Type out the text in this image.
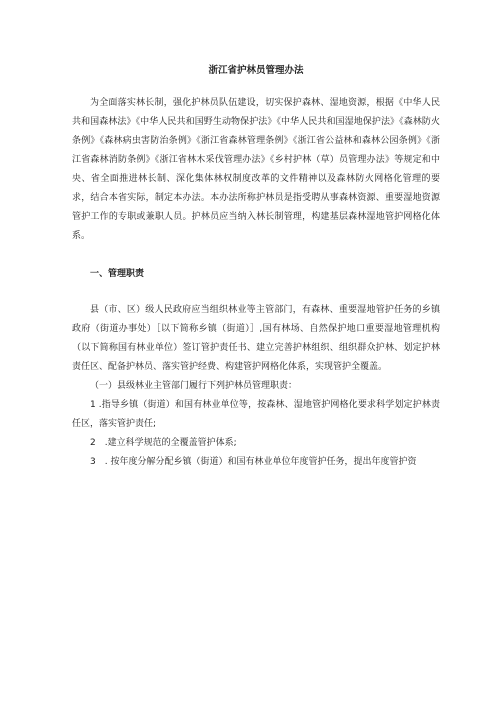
浙江省护林员管理办法

为全面落实林长制，强化护林员队伍建设，切实保护森林、湿地资源，根据《中华人民共和国森林法》《中华人民共和国野生动物保护法》《中华人民共和国湿地保护法》《森林防火条例》《森林病虫害防治条例》《浙江省森林管理条例》《浙江省公益林和森林公园条例》《浙江省森林消防条例》《浙江省林木采伐管理办法》《乡村护林（草）员管理办法》等规定和中央、省全面推进林长制、深化集体林权制度改革的文件精神以及森林防火网格化管理的要求，结合本省实际，制定本办法。本办法所称护林员是指受聘从事森林资源、重要湿地资源管护工作的专职或兼职人员。护林员应当纳入林长制管理，构建基层森林湿地管护网格化体系。

一、管理职责

县（市、区）级人民政府应当组织林业等主管部门，有森林、重要湿地管护任务的乡镇政府（街道办事处）［以下简称乡镇（街道）］,国有林场、自然保护地口重要湿地管理机构（以下简称国有林业单位）签订管护责任书、建立完善护林组织、组织群众护林、划定护林责任区、配备护林员、落实管护经费、构建管护网格化体系，实现管护全覆盖。

（一）县级林业主管部门履行下列护林员管理职责：

1 .指导乡镇（街道）和国有林业单位等，按森林、湿地管护网格化要求科学划定护林责任区，落实管护责任;

2　.建立科学规范的全覆盖管护体系;

3　. 按年度分解分配乡镇（街道）和国有林业单位年度管护任务，提出年度管护资
